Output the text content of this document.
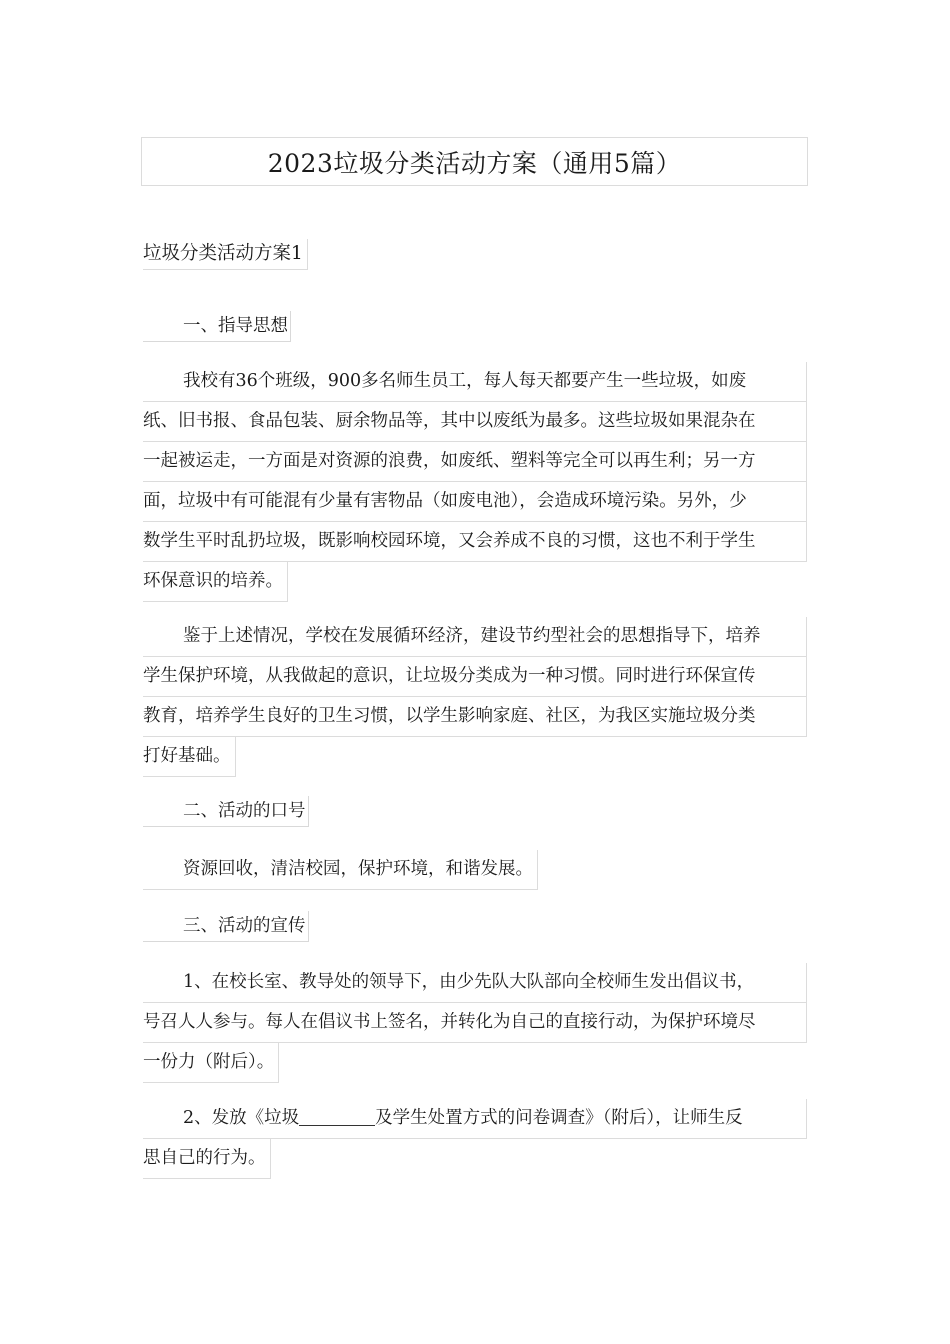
2023垃圾分类活动方案（通用5篇）
垃圾分类活动方案1
一、指导思想
我校有36个班级，900多名师生员工，每人每天都要产生一些垃圾，如废
纸、旧书报、食品包装、厨余物品等，其中以废纸为最多。这些垃圾如果混杂在
一起被运走，一方面是对资源的浪费，如废纸、塑料等完全可以再生利；另一方
面，垃圾中有可能混有少量有害物品（如废电池），会造成环境污染。另外，少
数学生平时乱扔垃圾，既影响校园环境，又会养成不良的习惯，这也不利于学生
环保意识的培养。
鉴于上述情况，学校在发展循环经济，建设节约型社会的思想指导下，培养
学生保护环境，从我做起的意识，让垃圾分类成为一种习惯。同时进行环保宣传
教育，培养学生良好的卫生习惯，以学生影响家庭、社区，为我区实施垃圾分类
打好基础。
二、活动的口号
资源回收，清洁校园，保护环境，和谐发展。
三、活动的宣传
1、在校长室、教导处的领导下，由少先队大队部向全校师生发出倡议书，
号召人人参与。每人在倡议书上签名，并转化为自己的直接行动，为保护环境尽
一份力（附后）。
2、发放《垃圾	及学生处置方式的问卷调查》（附后），让师生反
思自己的行为。
